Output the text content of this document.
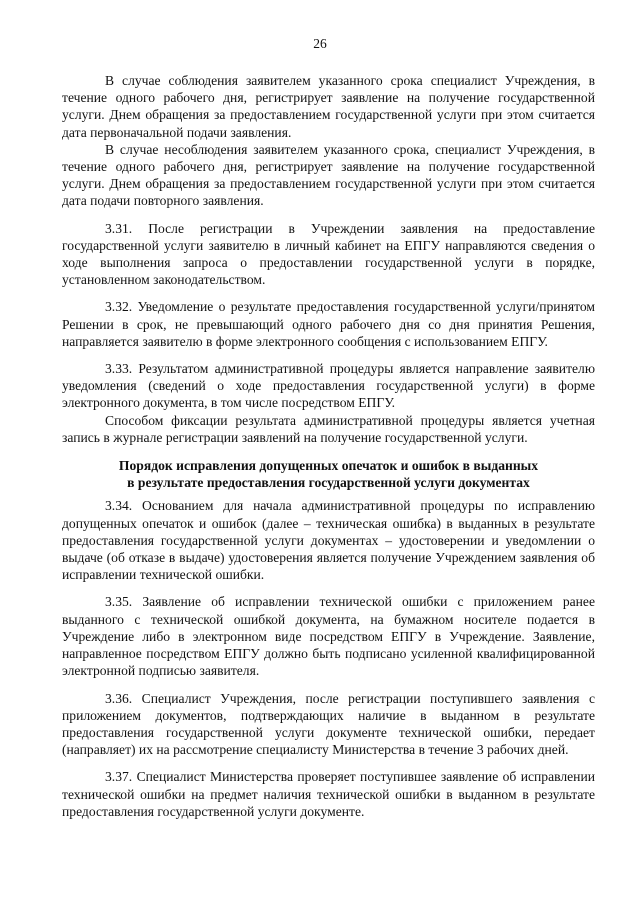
26

В случае соблюдения заявителем указанного срока специалист Учреждения, в течение одного рабочего дня, регистрирует заявление на получение государственной услуги. Днем обращения за предоставлением государственной услуги при этом считается дата первоначальной подачи заявления.

В случае несоблюдения заявителем указанного срока, специалист Учреждения, в течение одного рабочего дня, регистрирует заявление на получение государственной услуги. Днем обращения за предоставлением государственной услуги при этом считается дата подачи повторного заявления.

3.31. После регистрации в Учреждении заявления на предоставление государственной услуги заявителю в личный кабинет на ЕПГУ направляются сведения о ходе выполнения запроса о предоставлении государственной услуги в порядке, установленном законодательством.

3.32. Уведомление о результате предоставления государственной услуги/принятом Решении в срок, не превышающий одного рабочего дня со дня принятия Решения, направляется заявителю в форме электронного сообщения с использованием ЕПГУ.

3.33. Результатом административной процедуры является направление заявителю уведомления (сведений о ходе предоставления государственной услуги) в форме электронного документа, в том числе посредством ЕПГУ.

Способом фиксации результата административной процедуры является учетная запись в журнале регистрации заявлений на получение государственной услуги.

Порядок исправления допущенных опечаток и ошибок в выданных
в результате предоставления государственной услуги документах

3.34. Основанием для начала административной процедуры по исправлению допущенных опечаток и ошибок (далее – техническая ошибка) в выданных в результате предоставления государственной услуги документах – удостоверении и уведомлении о выдаче (об отказе в выдаче) удостоверения является получение Учреждением заявления об исправлении технической ошибки.

3.35. Заявление об исправлении технической ошибки с приложением ранее выданного с технической ошибкой документа, на бумажном носителе подается в Учреждение либо в электронном виде посредством ЕПГУ в Учреждение. Заявление, направленное посредством ЕПГУ должно быть подписано усиленной квалифицированной электронной подписью заявителя.

3.36. Специалист Учреждения, после регистрации поступившего заявления с приложением документов, подтверждающих наличие в выданном в результате предоставления государственной услуги документе технической ошибки, передает (направляет) их на рассмотрение специалисту Министерства в течение 3 рабочих дней.

3.37. Специалист Министерства проверяет поступившее заявление об исправлении технической ошибки на предмет наличия технической ошибки в выданном в результате предоставления государственной услуги документе.
